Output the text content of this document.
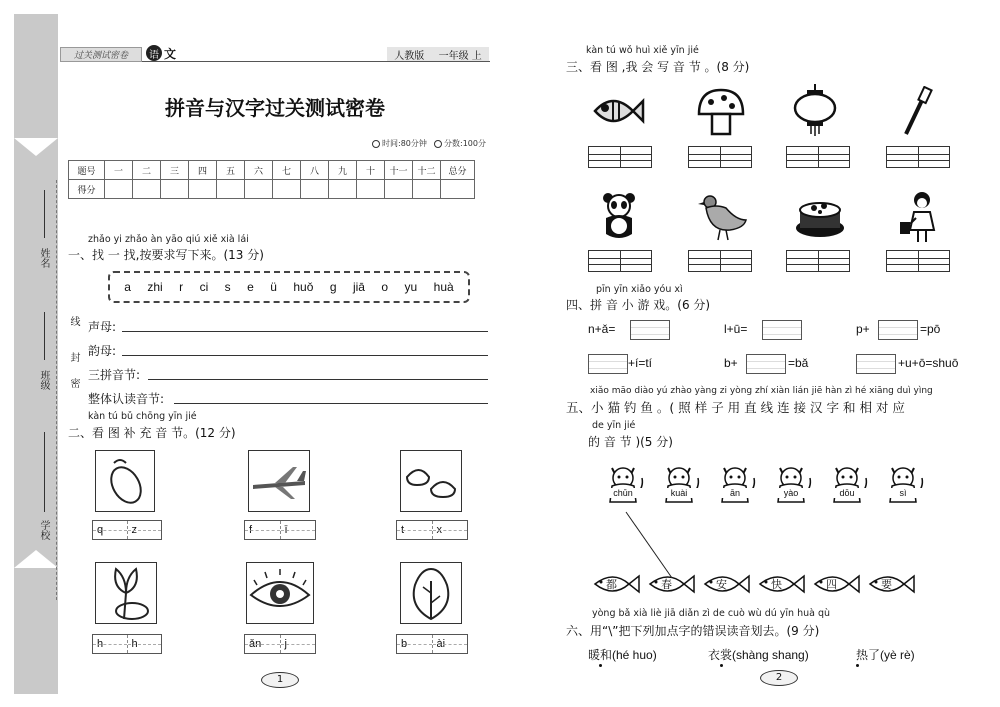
姓名
班级
学校
线
封
密
过关测试密卷	语 文	人教版 一年级 上
拼音与汉字过关测试密卷
时间:80分钟 分数:100分
题号	一	二	三	四	五	六	七	八	九	十	十一	十二	总分
得分													
zhǎo yi zhǎo àn yāo qiú xiě xià lái
一、找 一 找,按要求写下来。(13 分)
a zhi r ci s e ü huǒ g jiā o yu huà
声母:
韵母:
三拼音节:
整体认读音节:
kàn tú bǔ chōng yīn jié
二、看 图 补 充 音 节。(12 分)
q	z	f	ī	t	x
h	h	ǎn j	b	ài
1
kàn tú wǒ huì xiě yīn jié
三、看 图 ,我 会 写 音 节 。(8 分)
pīn yīn xiǎo yóu xì
四、拼 音 小 游 戏。(6 分)
n+ǎ=	l+ū=	p+	=pō
+í=tí	b+	=bǎ	+u+ō=shuō
xiǎo māo diào yú zhào yàng zi yòng zhí xiàn lián jiē hàn zì hé xiāng duì yìng
五、小 猫 钓 鱼 。( 照 样 子 用 直 线 连 接 汉 字 和 相 对 应
de yīn jié
的 音 节 )(5 分)
chūn	kuài	ān	yào	dōu	sì
都	春	安	快	四	要
yòng bǎ xià liè jiā diǎn zì de cuò wù dú yīn huà qù
六、用“\”把下列加点字的错误读音划去。(9 分)
暖和(hé huo)	衣裳(shàng shang)	热了(yè rè)
2
